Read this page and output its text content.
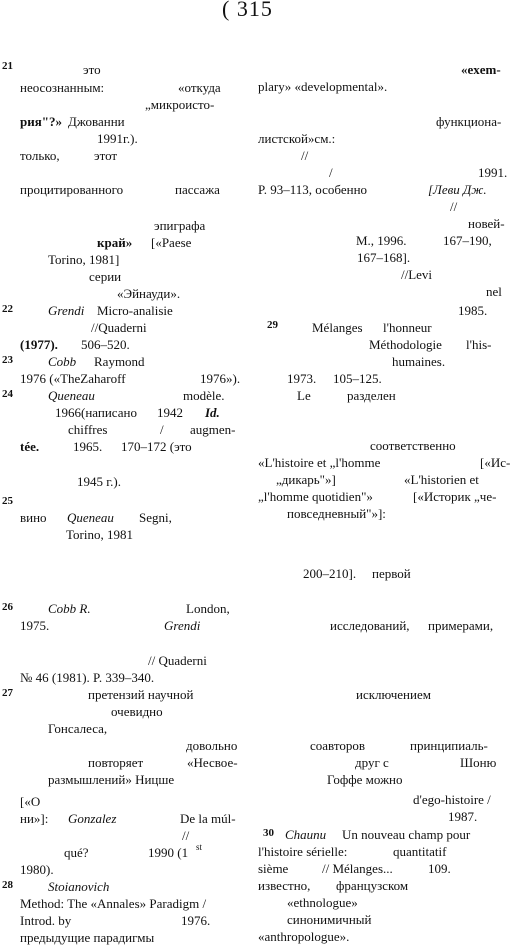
( 315
21	это
неосознанным:	«откуда
„микроисто-
рия"?» Джованни
1991г.).
только,	этот
процитированного	пассажа
эпиграфа
край» [«Paese
Torino, 1981]
серии
«Эйнауди».
22	Grendi Micro-analisie
//Quaderni
(1977). 506–520.
23	Cobb Raymond
1976 («TheZaharoff	1976»).
24	Queneau	modèle.
1966(написано 1942 Id.
chiffres	/ augmen-
tée.	1965. 170–172 (это
1945 г.).
25
вино Queneau Segni,
Torino, 1981
26	Cobb R.	London,
1975.	Grendi
// Quaderni
№ 46 (1981). P. 339–340.
27	претензий научной
очевидно
Гонсалеса,
довольно
повторяет	«Несвое-
размышлений» Ницше
[«O
ни»]: Gonzalez	De la múl-
//
qué?	1990 (1 st
1980).
28	Stoianovich
Method: The «Annales» Paradigm /
Introd. by	1976.
предыдущие парадигмы
«exem-
plary» «developmental».
функциона-
листской»см.:
//
/	1991.
P. 93–113, особенно	[Леви Дж.
//
новей-
М., 1996.	167–190,
167–168].
//Levi
nel
1985.
29	Mélanges l'honneur
Méthodologie l'his-
humaines.
1973. 105–125.
Le	разделен
соответственно
«L'histoire et „l'homme	[«Ис-
„дикарь"»]	«L'historien et
„l'homme quotidien"»	[«Историк „че-
повседневный"»]:
200–210]. первой
исследований, примерами,
исключением
соавторов	принципиаль-
друг с	Шоню
Гоффе можно
d'ego-histoire /
1987.
30 Chaunu Un nouveau champ pour
l'histoire sérielle:	quantitatif
sième	// Mélanges...	109.
известно, французском
«ethnologue»
синонимичный
«anthropologue».
